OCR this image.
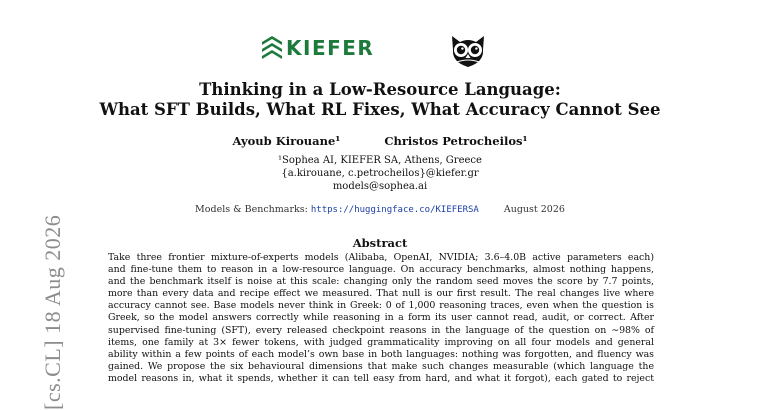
KIEFER
Thinking in a Low-Resource Language:
What SFT Builds, What RL Fixes, What Accuracy Cannot See
Ayoub Kirouane¹	Christos Petrocheilos¹
¹Sophea AI, KIEFER SA, Athens, Greece
{a.kirouane, c.petrocheilos}@kiefer.gr
models@sophea.ai
Models & Benchmarks: https://huggingface.co/KIEFERSA	August 2026
[cs.CL] 18 Aug 2026	Abstract
Take three frontier mixture-of-experts models (Alibaba, OpenAI, NVIDIA; 3.6–4.0B active parameters each)
and fine-tune them to reason in a low-resource language. On accuracy benchmarks, almost nothing happens,
and the benchmark itself is noise at this scale: changing only the random seed moves the score by 7.7 points,
more than every data and recipe effect we measured. That null is our first result. The real changes live where
accuracy cannot see. Base models never think in Greek: 0 of 1,000 reasoning traces, even when the question is
Greek, so the model answers correctly while reasoning in a form its user cannot read, audit, or correct. After
supervised fine-tuning (SFT), every released checkpoint reasons in the language of the question on ∼98% of
items, one family at 3× fewer tokens, with judged grammaticality improving on all four models and general
ability within a few points of each model’s own base in both languages: nothing was forgotten, and fluency was
gained. We propose the six behavioural dimensions that make such changes measurable (which language the
model reasons in, what it spends, whether it can tell easy from hard, and what it forgot), each gated to reject
